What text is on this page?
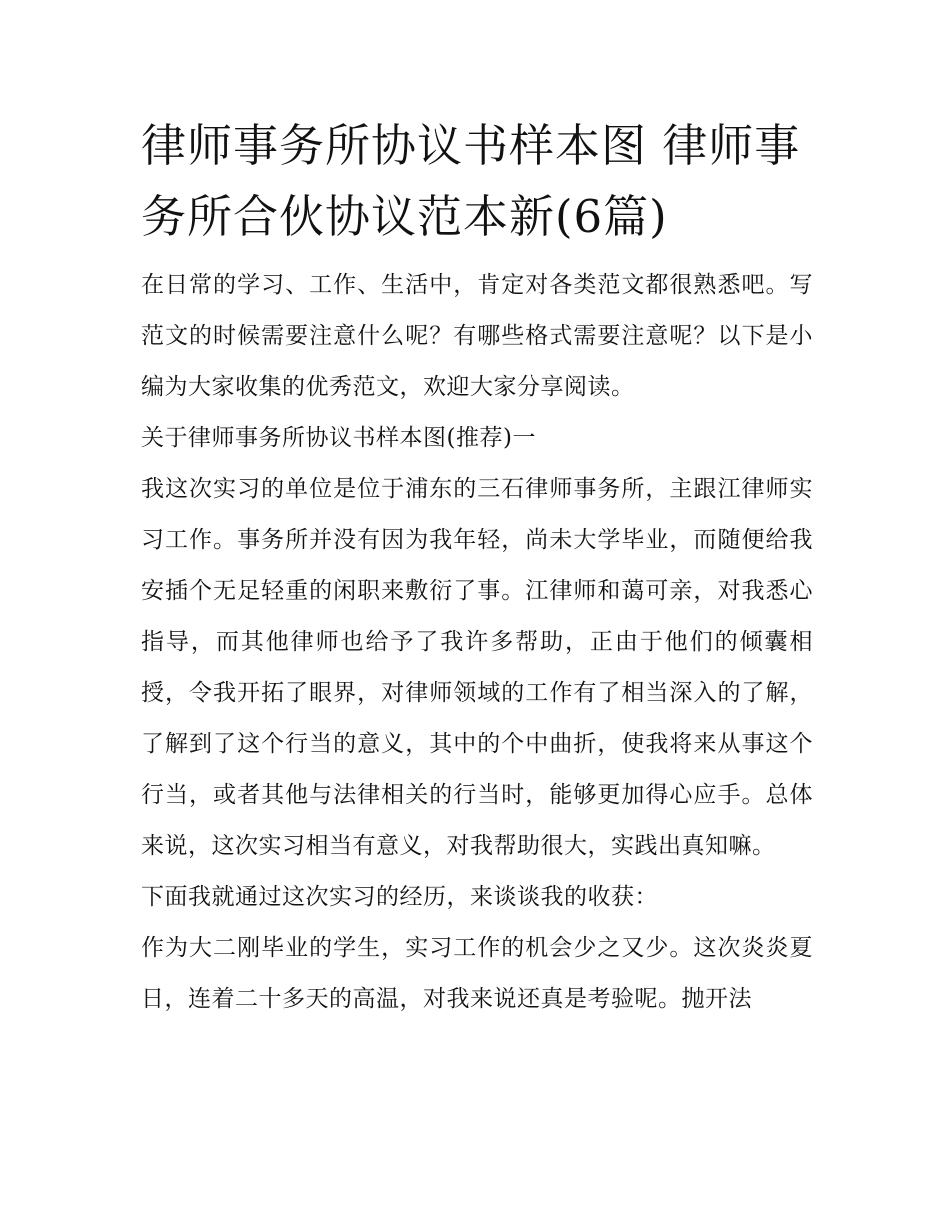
律师事务所协议书样本图 律师事务所合伙协议范本新(6篇)

在日常的学习、工作、生活中，肯定对各类范文都很熟悉吧。写范文的时候需要注意什么呢？有哪些格式需要注意呢？以下是小编为大家收集的优秀范文，欢迎大家分享阅读。

关于律师事务所协议书样本图(推荐)一

我这次实习的单位是位于浦东的三石律师事务所，主跟江律师实习工作。事务所并没有因为我年轻，尚未大学毕业，而随便给我安插个无足轻重的闲职来敷衍了事。江律师和蔼可亲，对我悉心指导，而其他律师也给予了我许多帮助，正由于他们的倾囊相授，令我开拓了眼界，对律师领域的工作有了相当深入的了解，了解到了这个行当的意义，其中的个中曲折，使我将来从事这个行当，或者其他与法律相关的行当时，能够更加得心应手。总体来说，这次实习相当有意义，对我帮助很大，实践出真知嘛。

下面我就通过这次实习的经历，来谈谈我的收获：

作为大二刚毕业的学生，实习工作的机会少之又少。这次炎炎夏日，连着二十多天的高温，对我来说还真是考验呢。抛开法
